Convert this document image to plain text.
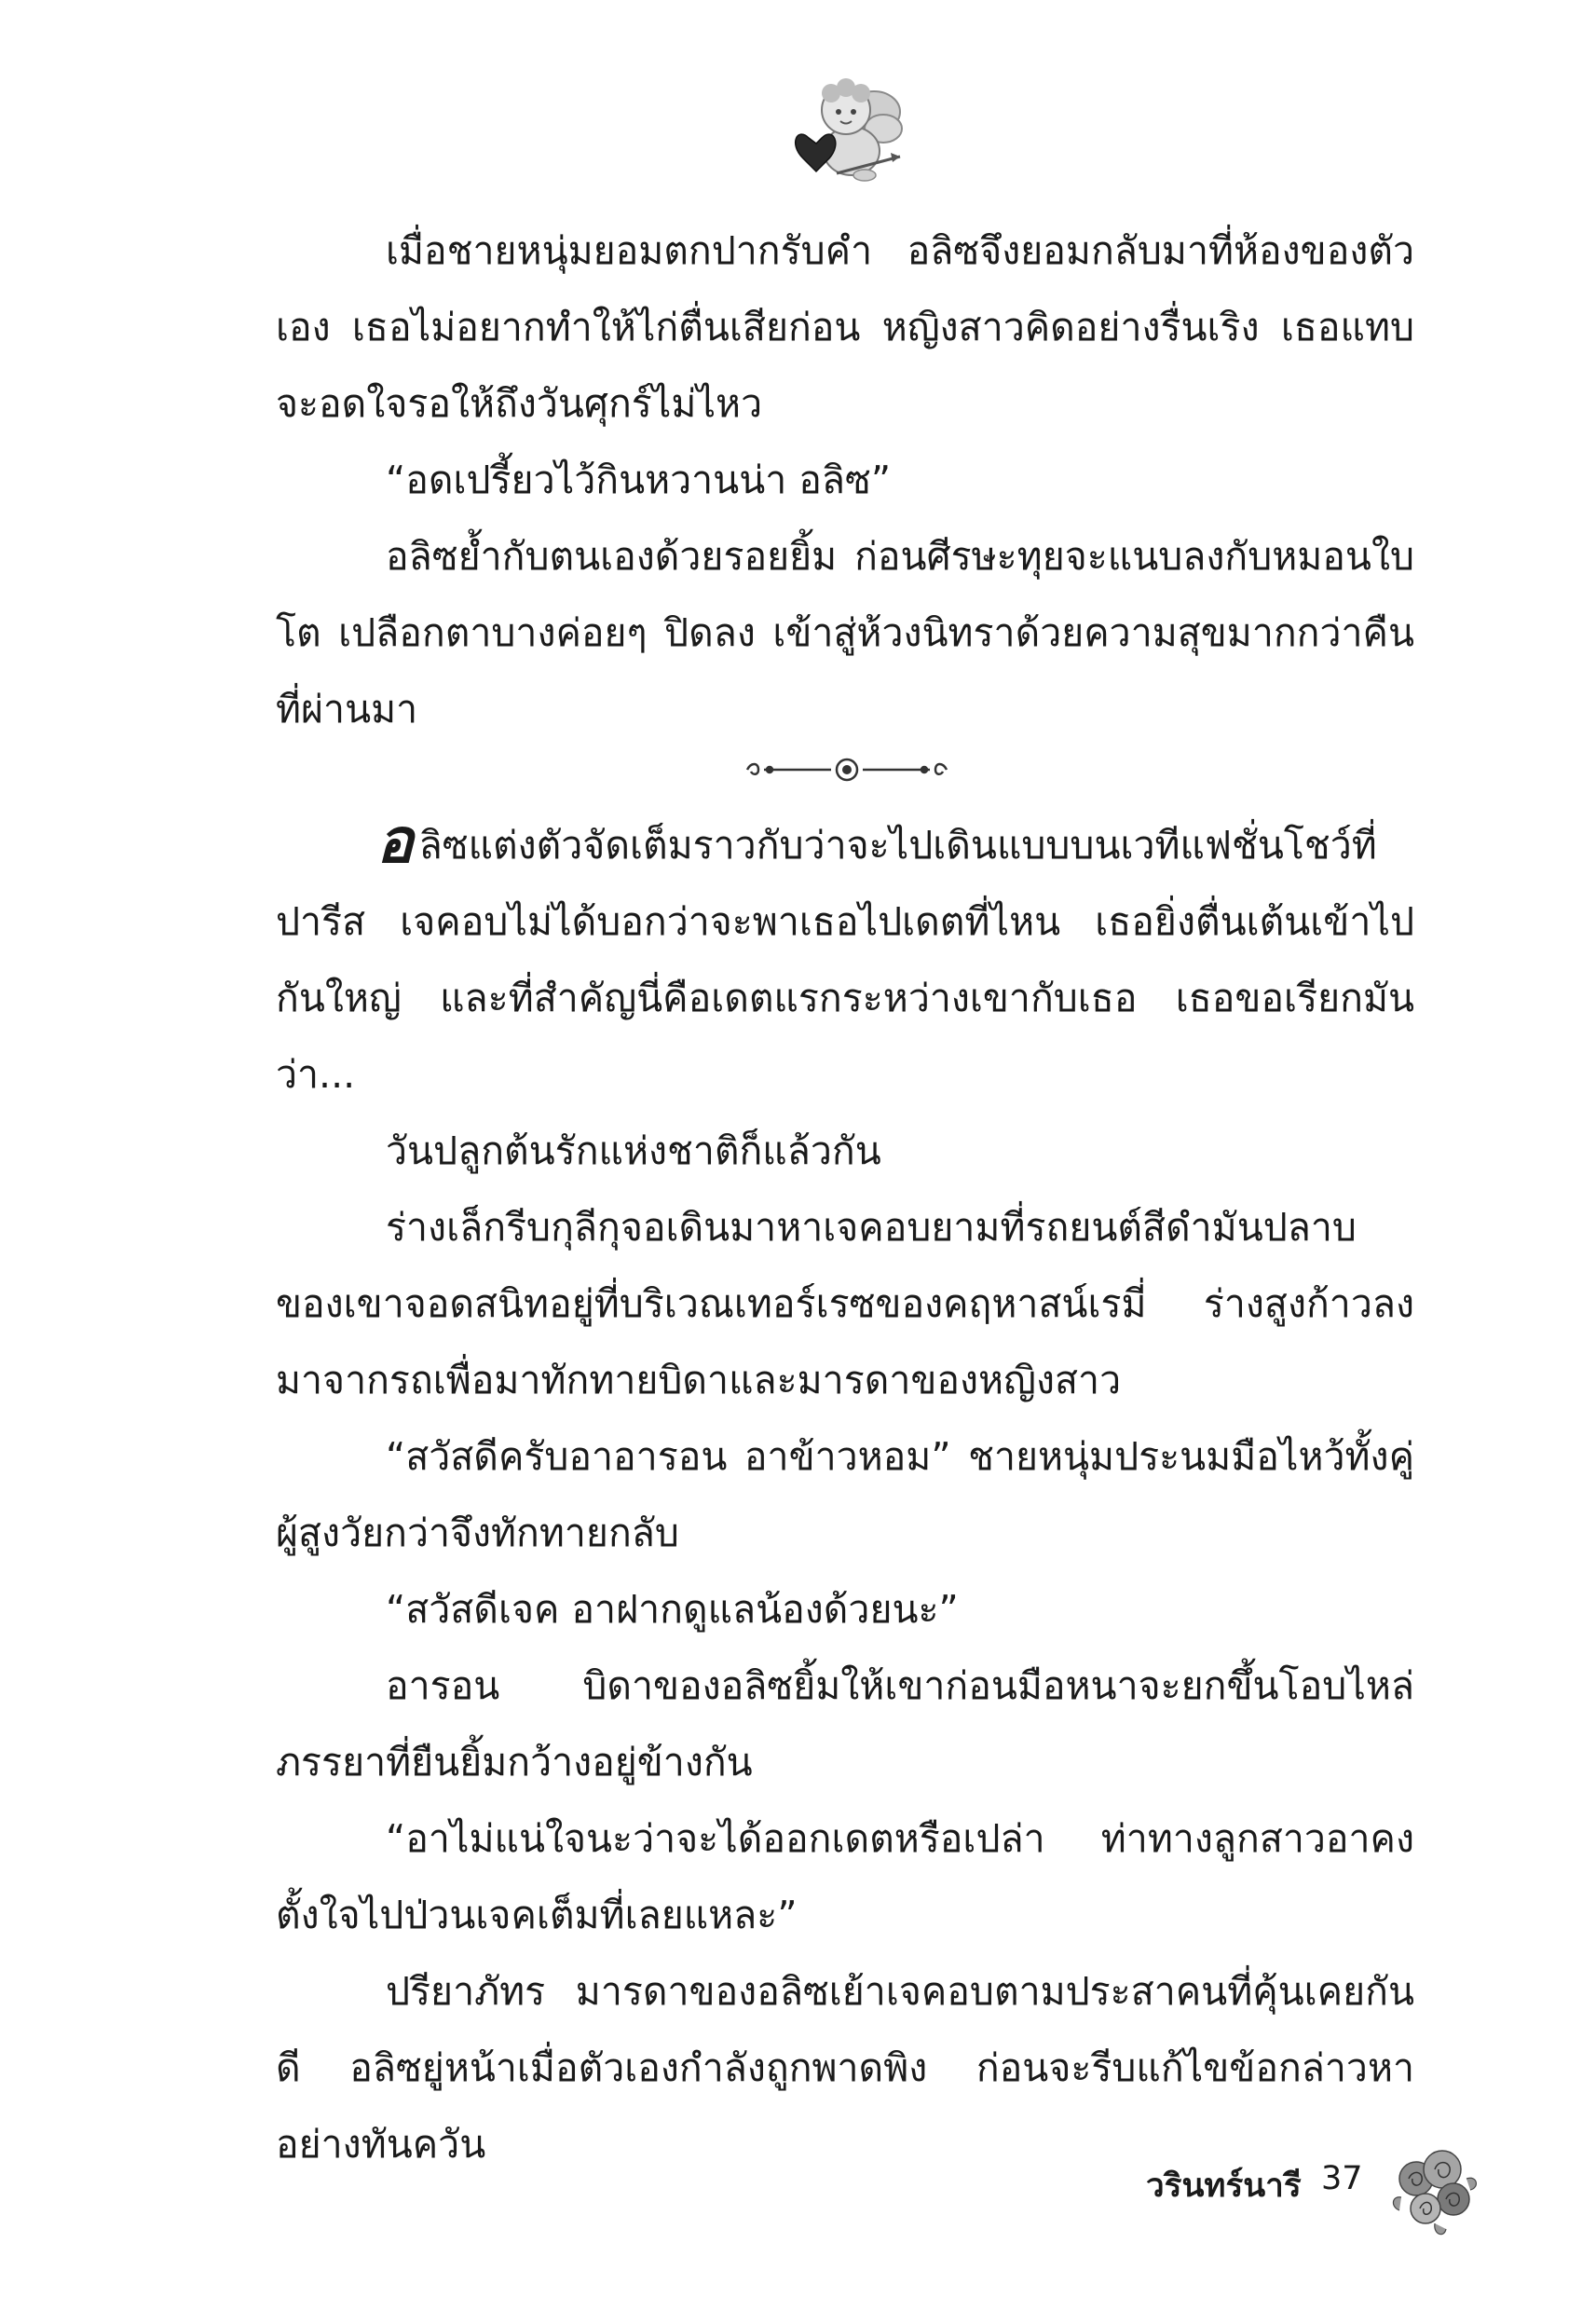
เมื่อชายหนุ่มยอมตกปากรับคำ อลิซจึงยอมกลับมาที่ห้องของตัวเอง เธอไม่อยากทำให้ไก่ตื่นเสียก่อน หญิงสาวคิดอย่างรื่นเริง เธอแทบจะอดใจรอให้ถึงวันศุกร์ไม่ไหว

“อดเปรี้ยวไว้กินหวานน่า อลิซ”

อลิซย้ำกับตนเองด้วยรอยยิ้ม ก่อนศีรษะทุยจะแนบลงกับหมอนใบโต เปลือกตาบางค่อยๆ ปิดลง เข้าสู่ห้วงนิทราด้วยความสุขมากกว่าคืนที่ผ่านมา

อลิซแต่งตัวจัดเต็มราวกับว่าจะไปเดินแบบบนเวทีแฟชั่นโชว์ที่ปารีส เจคอบไม่ได้บอกว่าจะพาเธอไปเดตที่ไหน เธอยิ่งตื่นเต้นเข้าไปกันใหญ่ และที่สำคัญนี่คือเดตแรกระหว่างเขากับเธอ เธอขอเรียกมันว่า...

วันปลูกต้นรักแห่งชาติก็แล้วกัน

ร่างเล็กรีบกุลีกุจอเดินมาหาเจคอบยามที่รถยนต์สีดำมันปลาบของเขาจอดสนิทอยู่ที่บริเวณเทอร์เรซของคฤหาสน์เรมี่ ร่างสูงก้าวลงมาจากรถเพื่อมาทักทายบิดาและมารดาของหญิงสาว

“สวัสดีครับอาอารอน อาข้าวหอม” ชายหนุ่มประนมมือไหว้ทั้งคู่ ผู้สูงวัยกว่าจึงทักทายกลับ

“สวัสดีเจค อาฝากดูแลน้องด้วยนะ”

อารอน บิดาของอลิซยิ้มให้เขาก่อนมือหนาจะยกขึ้นโอบไหล่ภรรยาที่ยืนยิ้มกว้างอยู่ข้างกัน

“อาไม่แน่ใจนะว่าจะได้ออกเดตหรือเปล่า ท่าทางลูกสาวอาคงตั้งใจไปป่วนเจคเต็มที่เลยแหละ”

ปรียาภัทร มารดาของอลิซเย้าเจคอบตามประสาคนที่คุ้นเคยกันดี อลิซยู่หน้าเมื่อตัวเองกำลังถูกพาดพิง ก่อนจะรีบแก้ไขข้อกล่าวหาอย่างทันควัน

วรินทร์นารี 37
